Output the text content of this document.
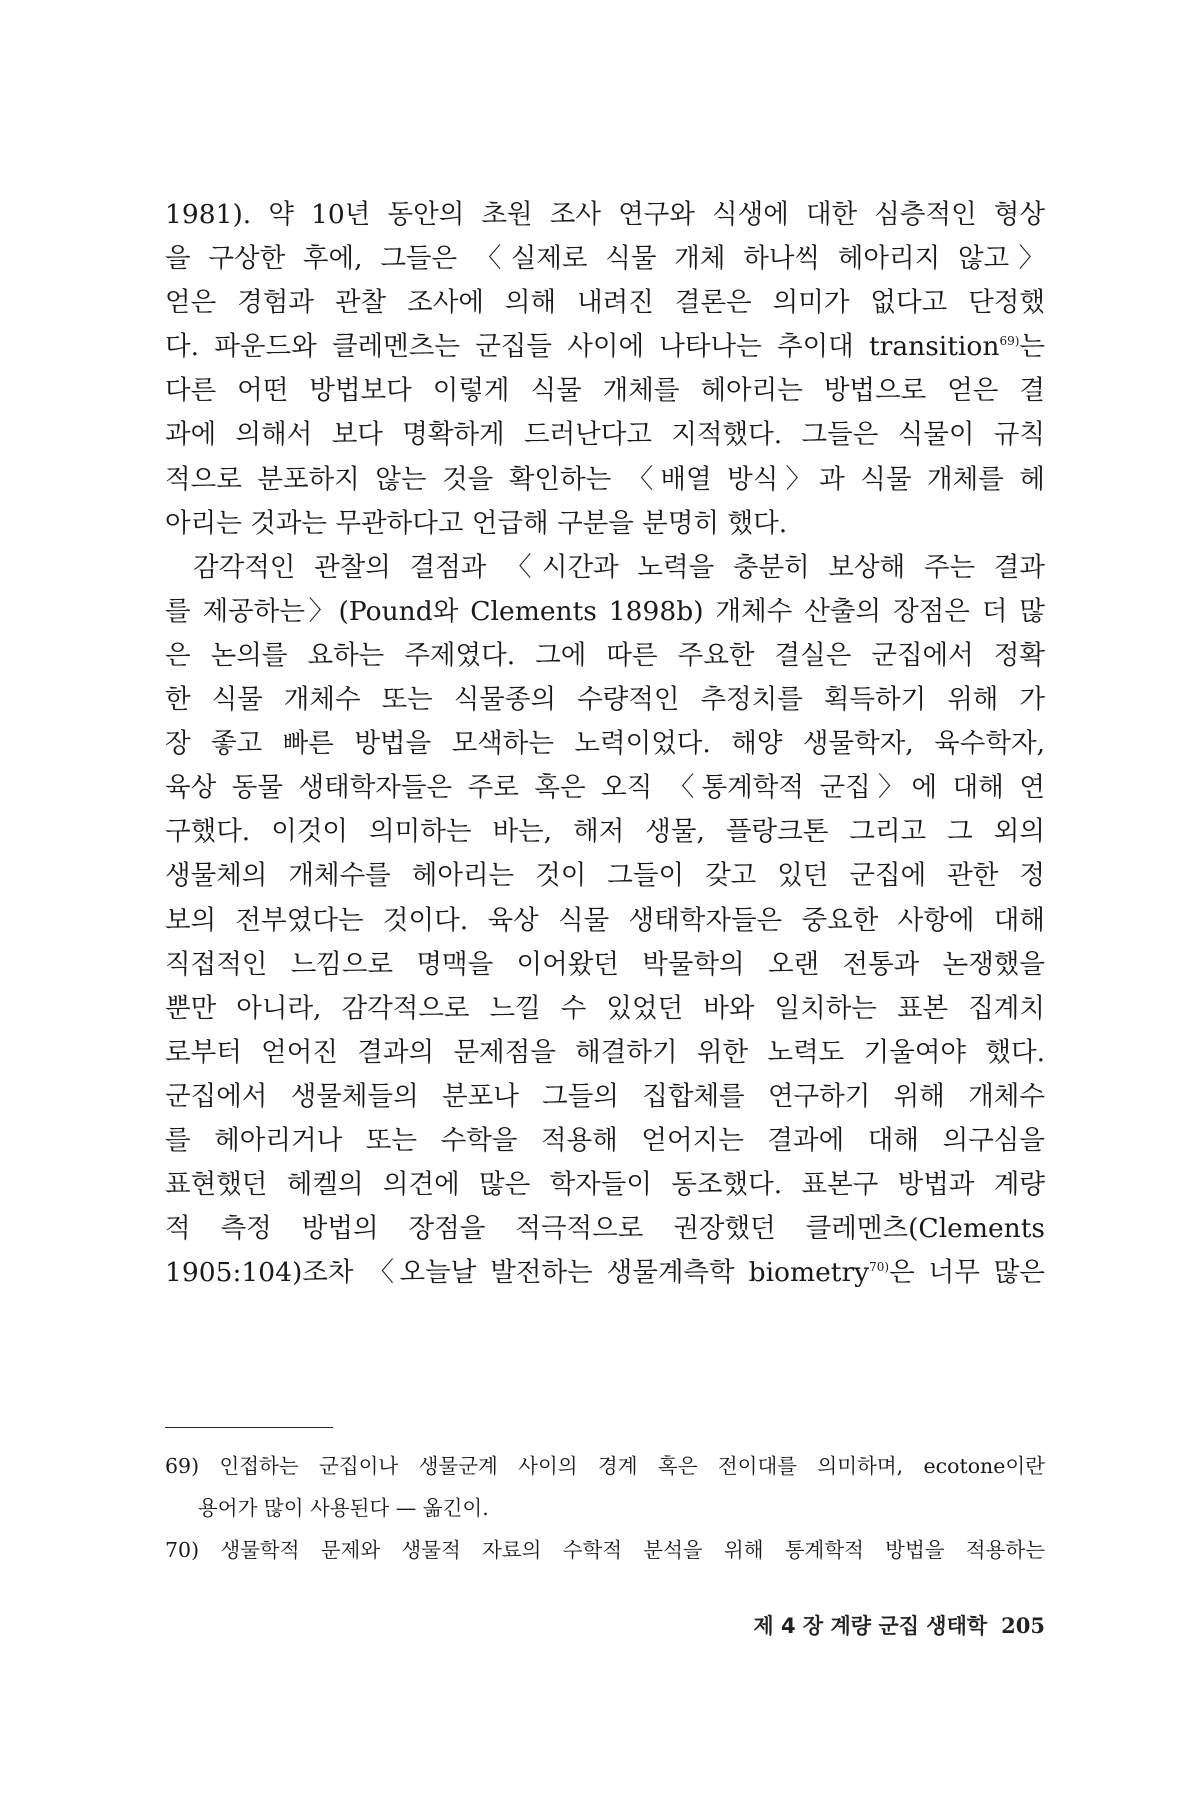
1981). 약 10년 동안의 초원 조사 연구와 식생에 대한 심층적인 형상
을 구상한 후에, 그들은 〈실제로 식물 개체 하나씩 헤아리지 않고〉
얻은 경험과 관찰 조사에 의해 내려진 결론은 의미가 없다고 단정했
다. 파운드와 클레멘츠는 군집들 사이에 나타나는 추이대 transition$^{69)}$는
다른 어떤 방법보다 이렇게 식물 개체를 헤아리는 방법으로 얻은 결
과에 의해서 보다 명확하게 드러난다고 지적했다. 그들은 식물이 규칙
적으로 분포하지 않는 것을 확인하는 〈배열 방식〉과 식물 개체를 헤
아리는 것과는 무관하다고 언급해 구분을 분명히 했다.
감각적인 관찰의 결점과 〈시간과 노력을 충분히 보상해 주는 결과
를 제공하는〉(Pound와 Clements 1898b) 개체수 산출의 장점은 더 많
은 논의를 요하는 주제였다. 그에 따른 주요한 결실은 군집에서 정확
한 식물 개체수 또는 식물종의 수량적인 추정치를 획득하기 위해 가
장 좋고 빠른 방법을 모색하는 노력이었다. 해양 생물학자, 육수학자,
육상 동물 생태학자들은 주로 혹은 오직 〈통계학적 군집〉에 대해 연
구했다. 이것이 의미하는 바는, 해저 생물, 플랑크톤 그리고 그 외의
생물체의 개체수를 헤아리는 것이 그들이 갖고 있던 군집에 관한 정
보의 전부였다는 것이다. 육상 식물 생태학자들은 중요한 사항에 대해
직접적인 느낌으로 명맥을 이어왔던 박물학의 오랜 전통과 논쟁했을
뿐만 아니라, 감각적으로 느낄 수 있었던 바와 일치하는 표본 집계치
로부터 얻어진 결과의 문제점을 해결하기 위한 노력도 기울여야 했다.
군집에서 생물체들의 분포나 그들의 집합체를 연구하기 위해 개체수
를 헤아리거나 또는 수학을 적용해 얻어지는 결과에 대해 의구심을
표현했던 헤켈의 의견에 많은 학자들이 동조했다. 표본구 방법과 계량
적 측정 방법의 장점을 적극적으로 권장했던 클레멘츠(Clements
1905:104)조차 〈오늘날 발전하는 생물계측학 biometry$^{70)}$은 너무 많은
69) 인접하는 군집이나 생물군계 사이의 경계 혹은 전이대를 의미하며, ecotone이란
용어가 많이 사용된다 — 옮긴이.
70) 생물학적 문제와 생물적 자료의 수학적 분석을 위해 통계학적 방법을 적용하는
제 4 장 계량 군집 생태학 205
